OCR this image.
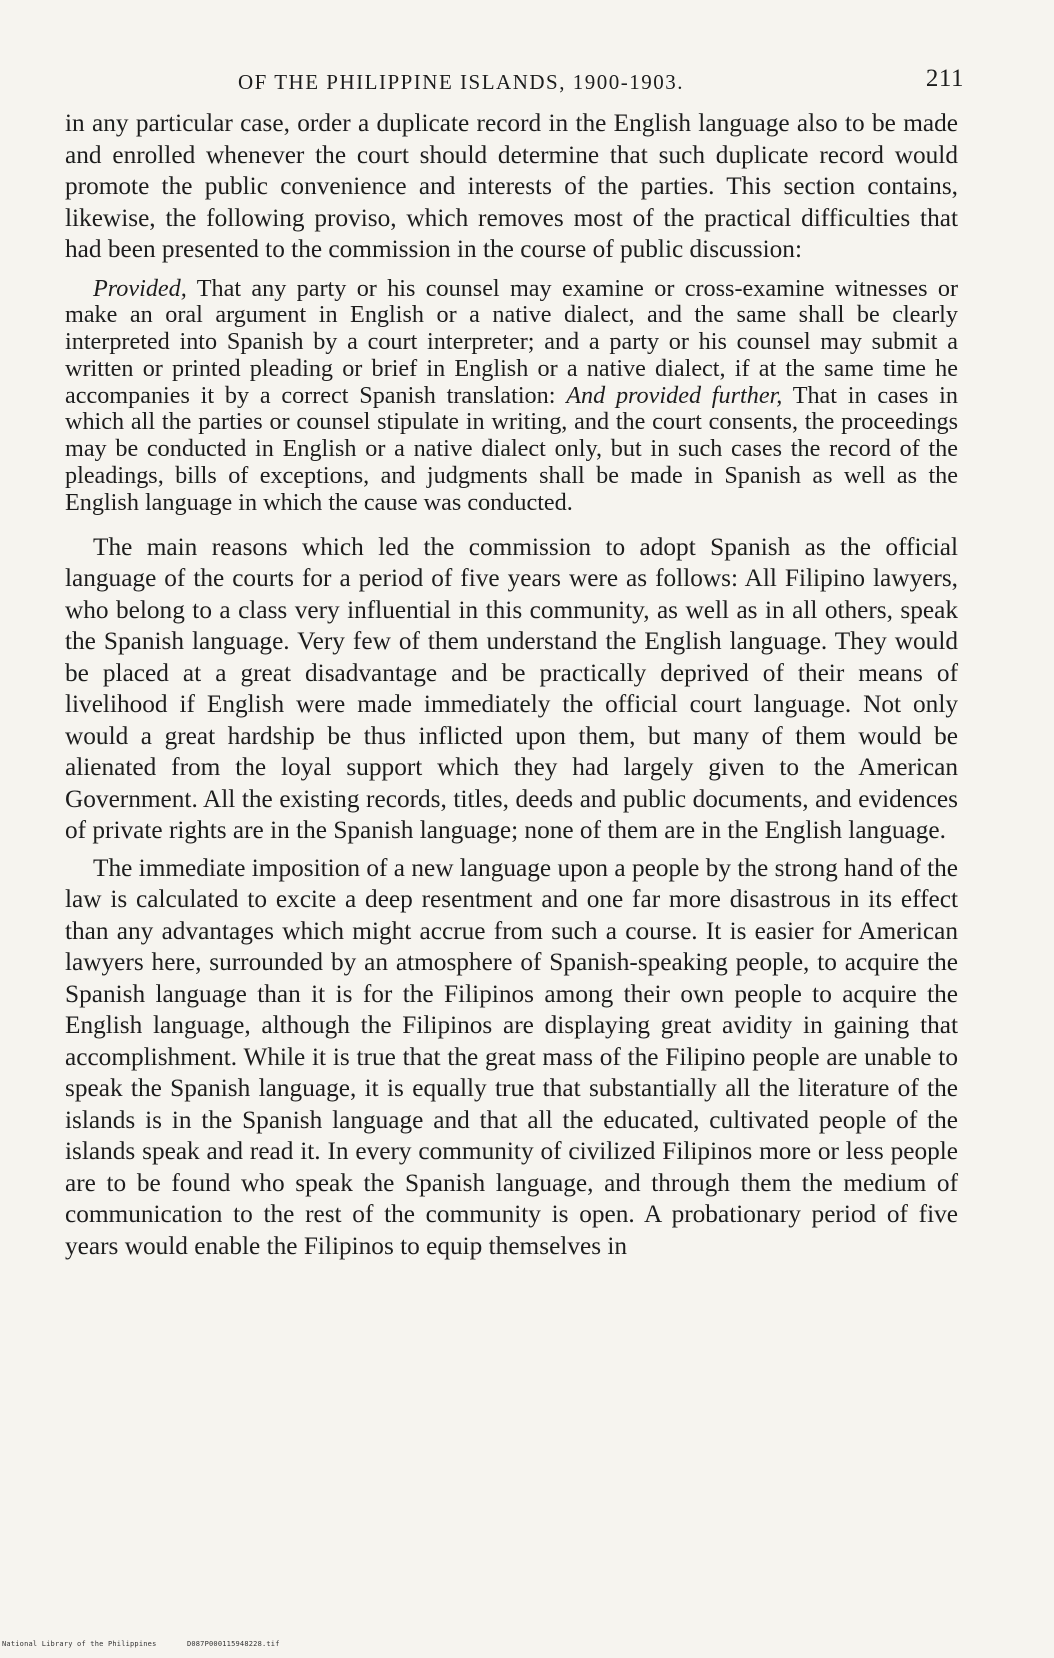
OF THE PHILIPPINE ISLANDS, 1900-1903.	211

in any particular case, order a duplicate record in the English language also to be made and enrolled whenever the court should determine that such duplicate record would promote the public convenience and interests of the parties. This section contains, likewise, the following proviso, which removes most of the practical difficulties that had been presented to the commission in the course of public discussion:

Provided, That any party or his counsel may examine or cross-examine witnesses or make an oral argument in English or a native dialect, and the same shall be clearly interpreted into Spanish by a court interpreter; and a party or his counsel may submit a written or printed pleading or brief in English or a native dialect, if at the same time he accompanies it by a correct Spanish translation: And provided further, That in cases in which all the parties or counsel stipulate in writing, and the court consents, the proceedings may be conducted in English or a native dialect only, but in such cases the record of the pleadings, bills of exceptions, and judgments shall be made in Spanish as well as the English language in which the cause was conducted.

The main reasons which led the commission to adopt Spanish as the official language of the courts for a period of five years were as follows: All Filipino lawyers, who belong to a class very influential in this community, as well as in all others, speak the Spanish language. Very few of them understand the English language. They would be placed at a great disadvantage and be practically deprived of their means of livelihood if English were made immediately the official court language. Not only would a great hardship be thus inflicted upon them, but many of them would be alienated from the loyal support which they had largely given to the American Government. All the existing records, titles, deeds and public documents, and evidences of private rights are in the Spanish language; none of them are in the English language.

The immediate imposition of a new language upon a people by the strong hand of the law is calculated to excite a deep resentment and one far more disastrous in its effect than any advantages which might accrue from such a course. It is easier for American lawyers here, surrounded by an atmosphere of Spanish-speaking people, to acquire the Spanish language than it is for the Filipinos among their own people to acquire the English language, although the Filipinos are displaying great avidity in gaining that accomplishment. While it is true that the great mass of the Filipino people are unable to speak the Spanish language, it is equally true that substantially all the literature of the islands is in the Spanish language and that all the educated, cultivated people of the islands speak and read it. In every community of civilized Filipinos more or less people are to be found who speak the Spanish language, and through them the medium of communication to the rest of the community is open. A probationary period of five years would enable the Filipinos to equip themselves in

National Library of the Philippines	D087P000115948228.tif
